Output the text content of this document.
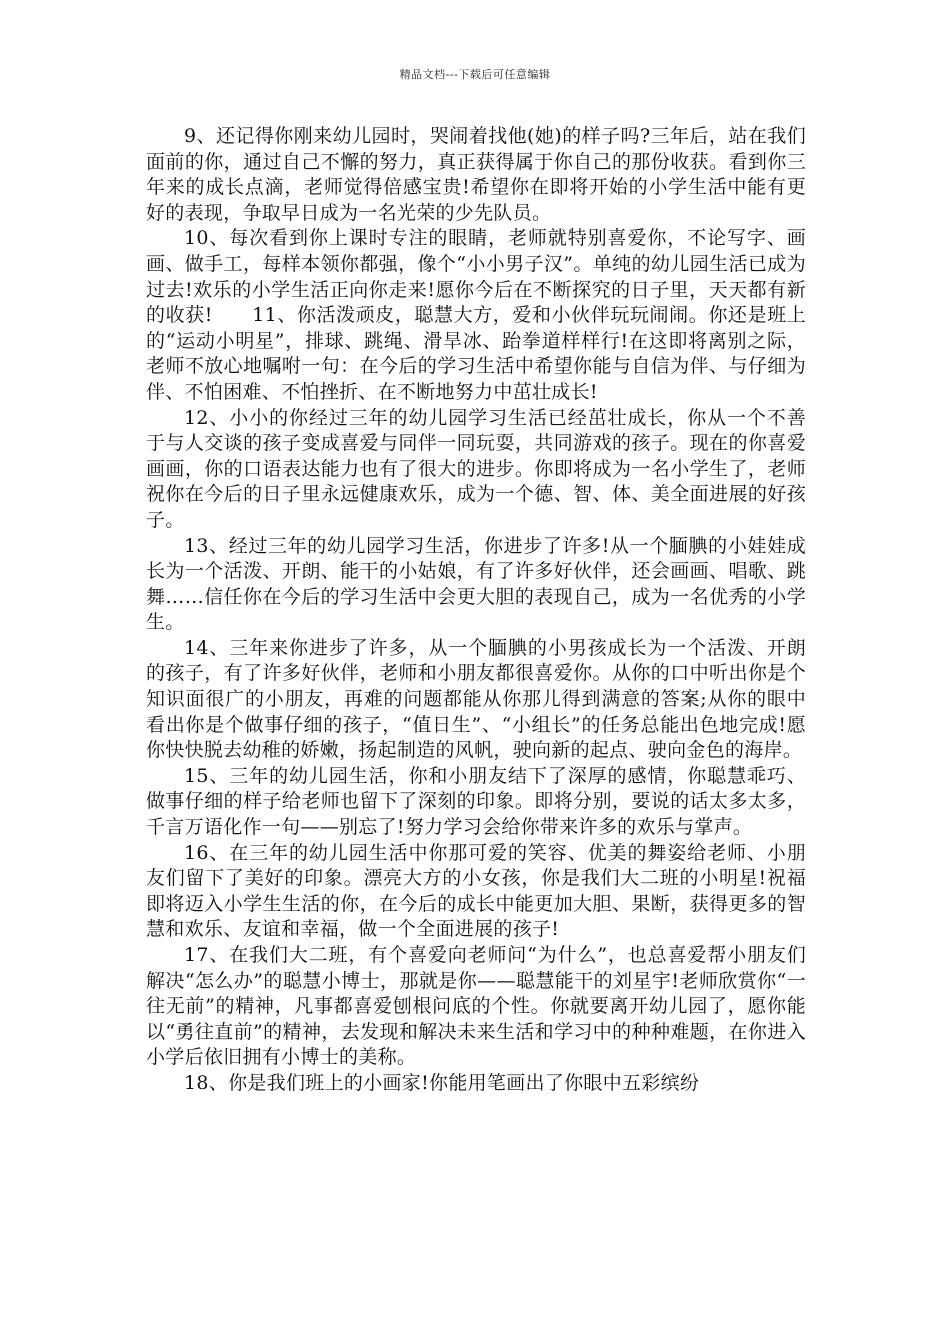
精品文档---下载后可任意编辑

9、还记得你刚来幼儿园时，哭闹着找他(她)的样子吗?三年后，站在我们面前的你，通过自己不懈的努力，真正获得属于你自己的那份收获。看到你三年来的成长点滴，老师觉得倍感宝贵!希望你在即将开始的小学生活中能有更好的表现，争取早日成为一名光荣的少先队员。

10、每次看到你上课时专注的眼睛，老师就特别喜爱你，不论写字、画画、做手工，每样本领你都强，像个“小小男子汉”。单纯的幼儿园生活已成为过去!欢乐的小学生活正向你走来!愿你今后在不断探究的日子里，天天都有新的收获!　　11、你活泼顽皮，聪慧大方，爱和小伙伴玩玩闹闹。你还是班上的“运动小明星”，排球、跳绳、滑旱冰、跆拳道样样行!在这即将离别之际，老师不放心地嘱咐一句：在今后的学习生活中希望你能与自信为伴、与仔细为伴、不怕困难、不怕挫折、在不断地努力中茁壮成长!

12、小小的你经过三年的幼儿园学习生活已经茁壮成长，你从一个不善于与人交谈的孩子变成喜爱与同伴一同玩耍，共同游戏的孩子。现在的你喜爱画画，你的口语表达能力也有了很大的进步。你即将成为一名小学生了，老师祝你在今后的日子里永远健康欢乐，成为一个德、智、体、美全面进展的好孩子。

13、经过三年的幼儿园学习生活，你进步了许多!从一个腼腆的小娃娃成长为一个活泼、开朗、能干的小姑娘，有了许多好伙伴，还会画画、唱歌、跳舞……信任你在今后的学习生活中会更大胆的表现自己，成为一名优秀的小学生。

14、三年来你进步了许多，从一个腼腆的小男孩成长为一个活泼、开朗的孩子，有了许多好伙伴，老师和小朋友都很喜爱你。从你的口中听出你是个知识面很广的小朋友，再难的问题都能从你那儿得到满意的答案;从你的眼中看出你是个做事仔细的孩子，“值日生”、“小组长”的任务总能出色地完成!愿你快快脱去幼稚的娇嫩，扬起制造的风帆，驶向新的起点、驶向金色的海岸。

15、三年的幼儿园生活，你和小朋友结下了深厚的感情，你聪慧乖巧、做事仔细的样子给老师也留下了深刻的印象。即将分别，要说的话太多太多，千言万语化作一句——别忘了!努力学习会给你带来许多的欢乐与掌声。

16、在三年的幼儿园生活中你那可爱的笑容、优美的舞姿给老师、小朋友们留下了美好的印象。漂亮大方的小女孩，你是我们大二班的小明星!祝福即将迈入小学生生活的你，在今后的成长中能更加大胆、果断，获得更多的智慧和欢乐、友谊和幸福，做一个全面进展的孩子!

17、在我们大二班，有个喜爱向老师问“为什么”，也总喜爱帮小朋友们解决“怎么办”的聪慧小博士，那就是你——聪慧能干的刘星宇!老师欣赏你“一往无前”的精神，凡事都喜爱刨根问底的个性。你就要离开幼儿园了，愿你能以“勇往直前”的精神，去发现和解决未来生活和学习中的种种难题，在你进入小学后依旧拥有小博士的美称。

18、你是我们班上的小画家!你能用笔画出了你眼中五彩缤纷
